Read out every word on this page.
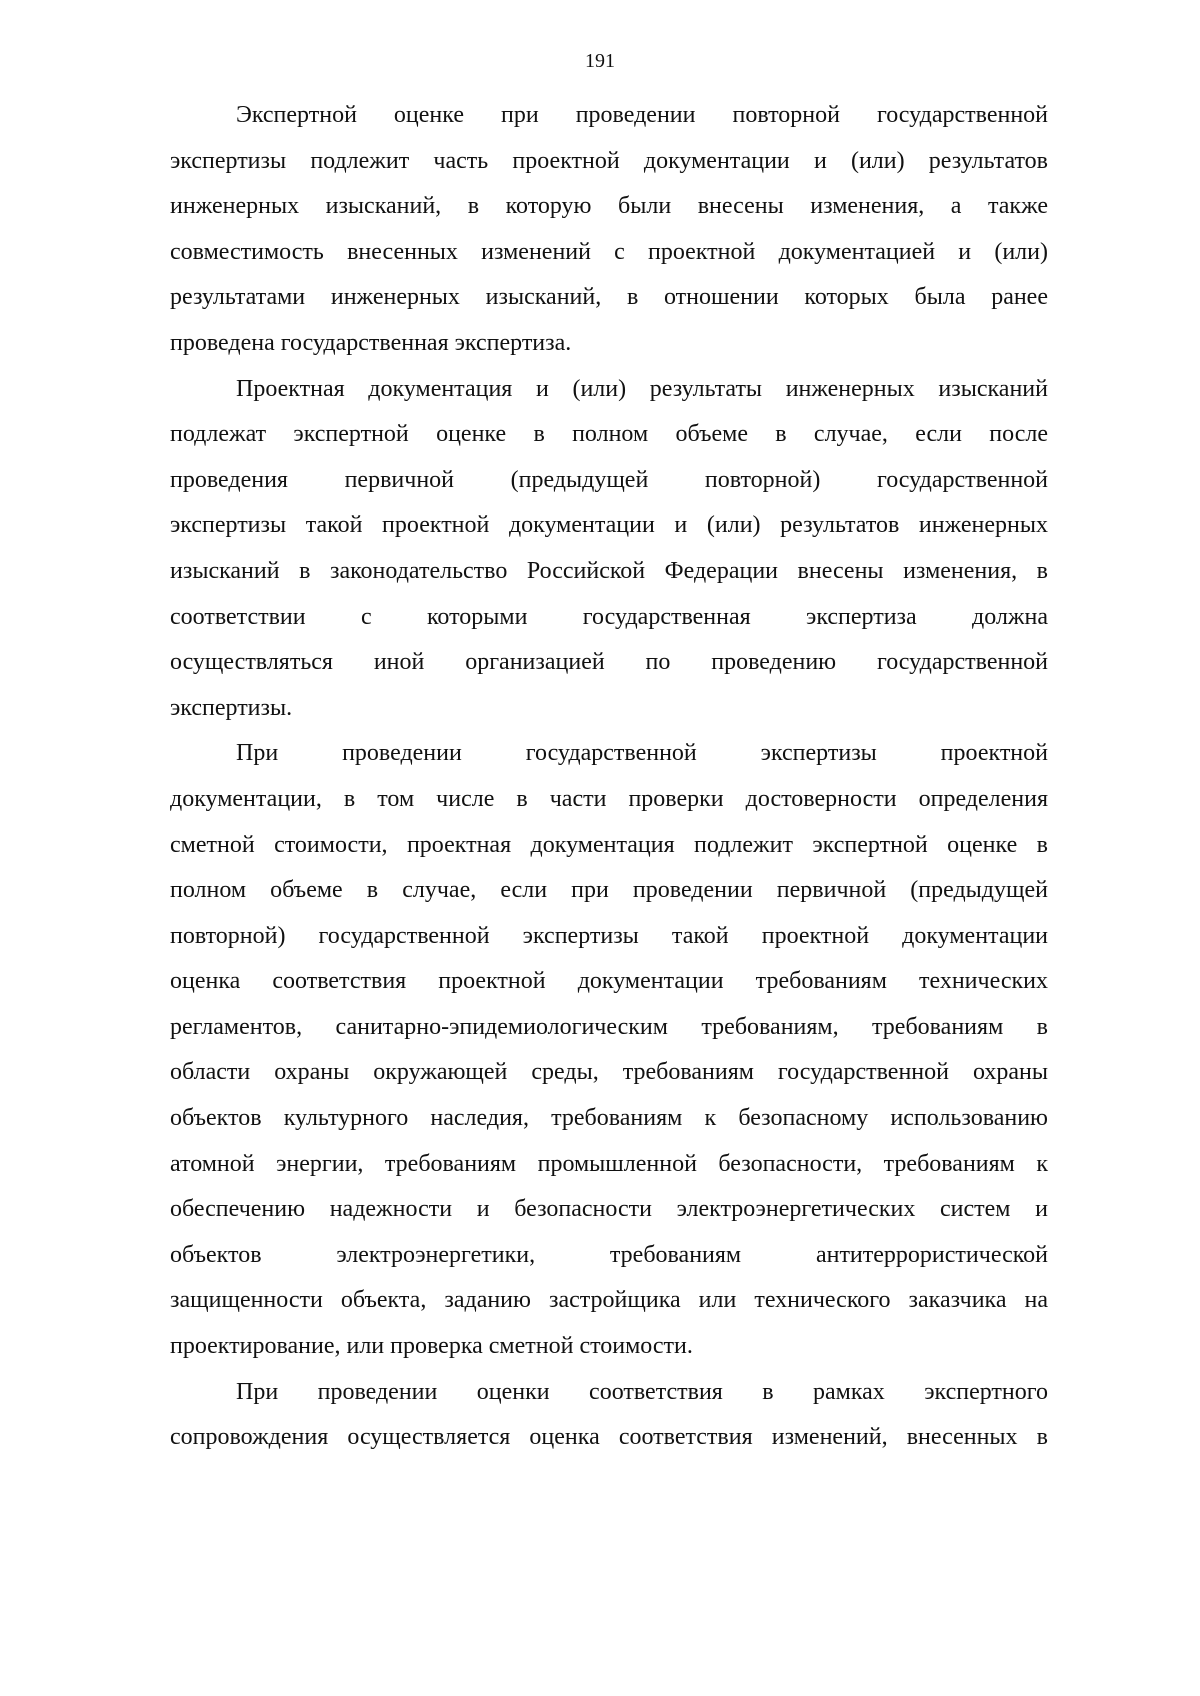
191
Экспертной оценке при проведении повторной государственной
экспертизы подлежит часть проектной документации и (или) результатов
инженерных изысканий, в которую были внесены изменения, а также
совместимость внесенных изменений с проектной документацией и (или)
результатами инженерных изысканий, в отношении которых была ранее
проведена государственная экспертиза.
Проектная документация и (или) результаты инженерных изысканий
подлежат экспертной оценке в полном объеме в случае, если после
проведения первичной (предыдущей повторной) государственной
экспертизы такой проектной документации и (или) результатов инженерных
изысканий в законодательство Российской Федерации внесены изменения, в
соответствии с которыми государственная экспертиза должна
осуществляться иной организацией по проведению государственной
экспертизы.
При проведении государственной экспертизы проектной
документации, в том числе в части проверки достоверности определения
сметной стоимости, проектная документация подлежит экспертной оценке в
полном объеме в случае, если при проведении первичной (предыдущей
повторной) государственной экспертизы такой проектной документации
оценка соответствия проектной документации требованиям технических
регламентов, санитарно-эпидемиологическим требованиям, требованиям в
области охраны окружающей среды, требованиям государственной охраны
объектов культурного наследия, требованиям к безопасному использованию
атомной энергии, требованиям промышленной безопасности, требованиям к
обеспечению надежности и безопасности электроэнергетических систем и
объектов электроэнергетики, требованиям антитеррористической
защищенности объекта, заданию застройщика или технического заказчика на
проектирование, или проверка сметной стоимости.
При проведении оценки соответствия в рамках экспертного
сопровождения осуществляется оценка соответствия изменений, внесенных в
